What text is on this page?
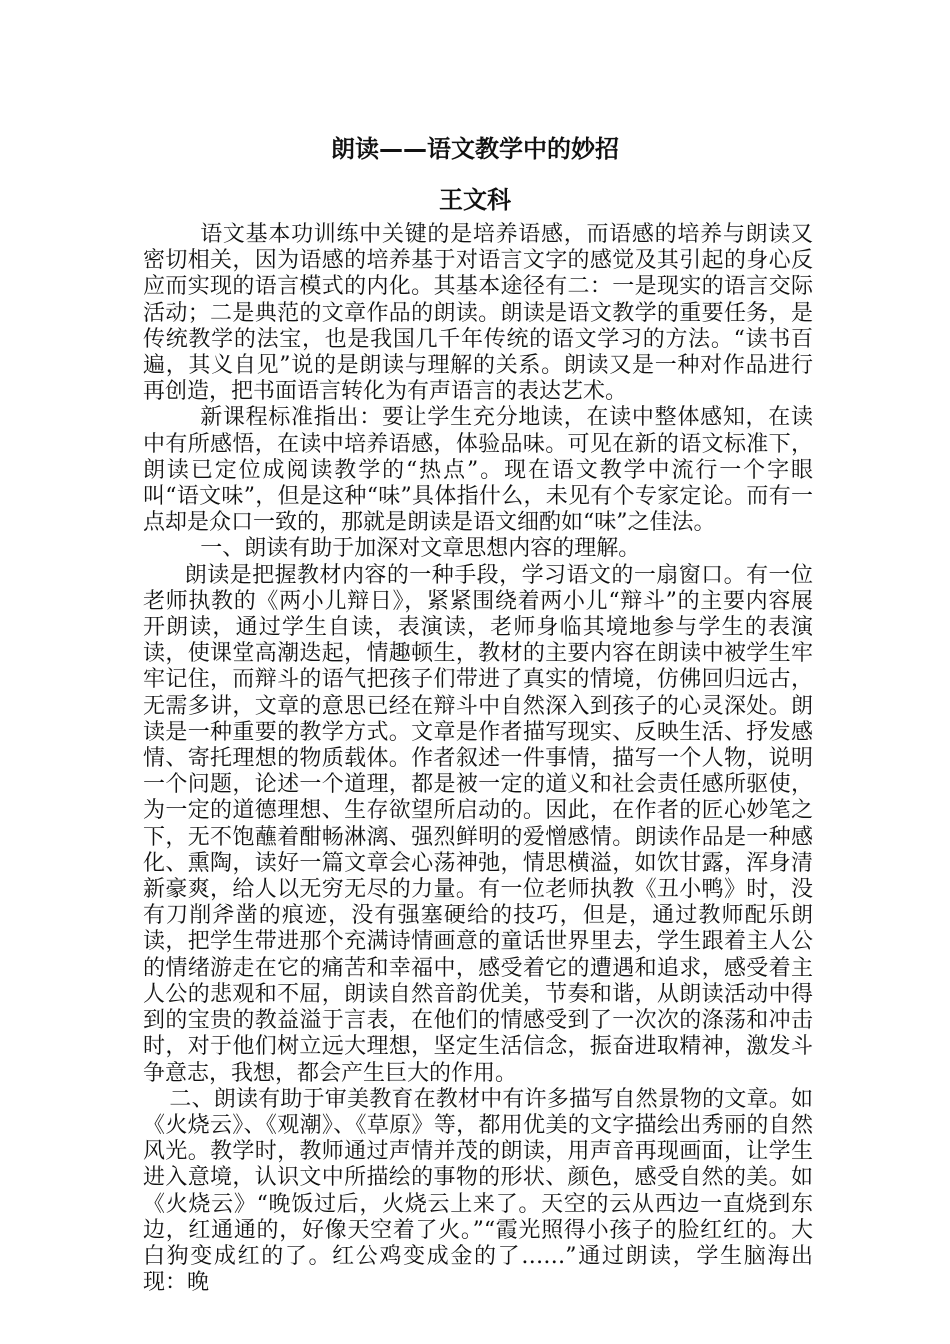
朗读——语文教学中的妙招
王文科

语文基本功训练中关键的是培养语感，而语感的培养与朗读又密切相关，因为语感的培养基于对语言文字的感觉及其引起的身心反应而实现的语言模式的内化。其基本途径有二：一是现实的语言交际活动；二是典范的文章作品的朗读。朗读是语文教学的重要任务，是传统教学的法宝，也是我国几千年传统的语文学习的方法。“读书百遍，其义自见”说的是朗读与理解的关系。朗读又是一种对作品进行再创造，把书面语言转化为有声语言的表达艺术。

新课程标准指出：要让学生充分地读，在读中整体感知，在读中有所感悟，在读中培养语感，体验品味。可见在新的语文标准下，朗读已定位成阅读教学的“热点”。现在语文教学中流行一个字眼叫“语文味”，但是这种“味”具体指什么，未见有个专家定论。而有一点却是众口一致的，那就是朗读是语文细酌如“味”之佳法。

一、朗读有助于加深对文章思想内容的理解。

朗读是把握教材内容的一种手段，学习语文的一扇窗口。有一位老师执教的《两小儿辩日》，紧紧围绕着两小儿“辩斗”的主要内容展开朗读，通过学生自读，表演读，老师身临其境地参与学生的表演读，使课堂高潮迭起，情趣顿生，教材的主要内容在朗读中被学生牢牢记住，而辩斗的语气把孩子们带进了真实的情境，仿佛回归远古，无需多讲，文章的意思已经在辩斗中自然深入到孩子的心灵深处。朗读是一种重要的教学方式。文章是作者描写现实、反映生活、抒发感情、寄托理想的物质载体。作者叙述一件事情，描写一个人物，说明一个问题，论述一个道理，都是被一定的道义和社会责任感所驱使，为一定的道德理想、生存欲望所启动的。因此，在作者的匠心妙笔之下，无不饱蘸着酣畅淋漓、强烈鲜明的爱憎感情。朗读作品是一种感化、熏陶，读好一篇文章会心荡神弛，情思横溢，如饮甘露，浑身清新豪爽，给人以无穷无尽的力量。有一位老师执教《丑小鸭》时，没有刀削斧凿的痕迹，没有强塞硬给的技巧，但是，通过教师配乐朗读，把学生带进那个充满诗情画意的童话世界里去，学生跟着主人公的情绪游走在它的痛苦和幸福中，感受着它的遭遇和追求，感受着主人公的悲观和不屈，朗读自然音韵优美，节奏和谐，从朗读活动中得到的宝贵的教益溢于言表，在他们的情感受到了一次次的涤荡和冲击时，对于他们树立远大理想，坚定生活信念，振奋进取精神，激发斗争意志，我想，都会产生巨大的作用。

二、朗读有助于审美教育在教材中有许多描写自然景物的文章。如《火烧云》、《观潮》、《草原》等，都用优美的文字描绘出秀丽的自然风光。教学时，教师通过声情并茂的朗读，用声音再现画面，让学生进入意境，认识文中所描绘的事物的形状、颜色，感受自然的美。如《火烧云》“晚饭过后，火烧云上来了。天空的云从西边一直烧到东边，红通通的，好像天空着了火。”“霞光照得小孩子的脸红红的。大白狗变成红的了。红公鸡变成金的了……”通过朗读，学生脑海出现：晚
